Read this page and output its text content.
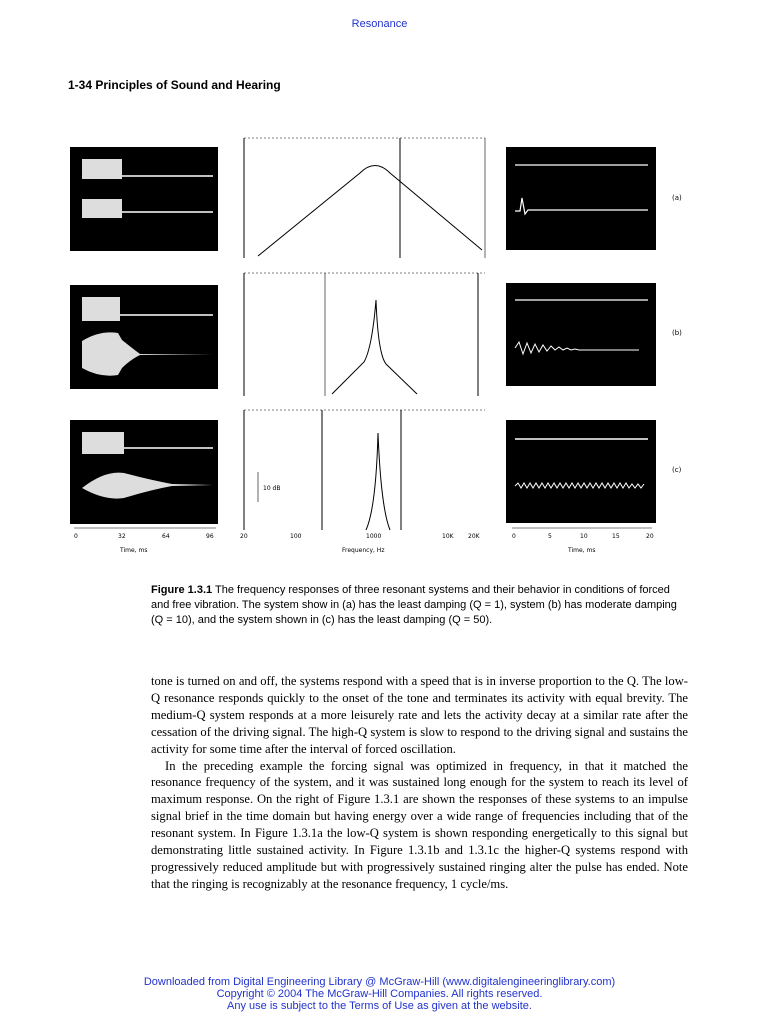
Resonance
1-34 Principles of Sound and Hearing
10 dB
(a)
(b)
(c)
0	32	64	96
Time, ms
20	100	1000	10K 20K
Frequency, Hz
0	5	10	15	20
Time, ms
Figure 1.3.1 The frequency responses of three resonant systems and their behavior in conditions of forced and free vibration. The system show in (a) has the least damping (Q = 1), system (b) has moderate damping (Q = 10), and the system shown in (c) has the least damping (Q = 50).

tone is turned on and off, the systems respond with a speed that is in inverse proportion to the Q. The low-Q resonance responds quickly to the onset of the tone and terminates its activity with equal brevity. The medium-Q system responds at a more leisurely rate and lets the activity decay at a similar rate after the cessation of the driving signal. The high-Q system is slow to respond to the driving signal and sustains the activity for some time after the interval of forced oscillation.

In the preceding example the forcing signal was optimized in frequency, in that it matched the resonance frequency of the system, and it was sustained long enough for the system to reach its level of maximum response. On the right of Figure 1.3.1 are shown the responses of these systems to an impulse signal brief in the time domain but having energy over a wide range of frequencies including that of the resonant system. In Figure 1.3.1a the low-Q system is shown responding energetically to this signal but demonstrating little sustained activity. In Figure 1.3.1b and 1.3.1c the higher-Q systems respond with progressively reduced amplitude but with progressively sustained ringing alter the pulse has ended. Note that the ringing is recognizably at the resonance frequency, 1 cycle/ms.

Downloaded from Digital Engineering Library @ McGraw-Hill (www.digitalengineeringlibrary.com)
Copyright © 2004 The McGraw-Hill Companies. All rights reserved.
Any use is subject to the Terms of Use as given at the website.
